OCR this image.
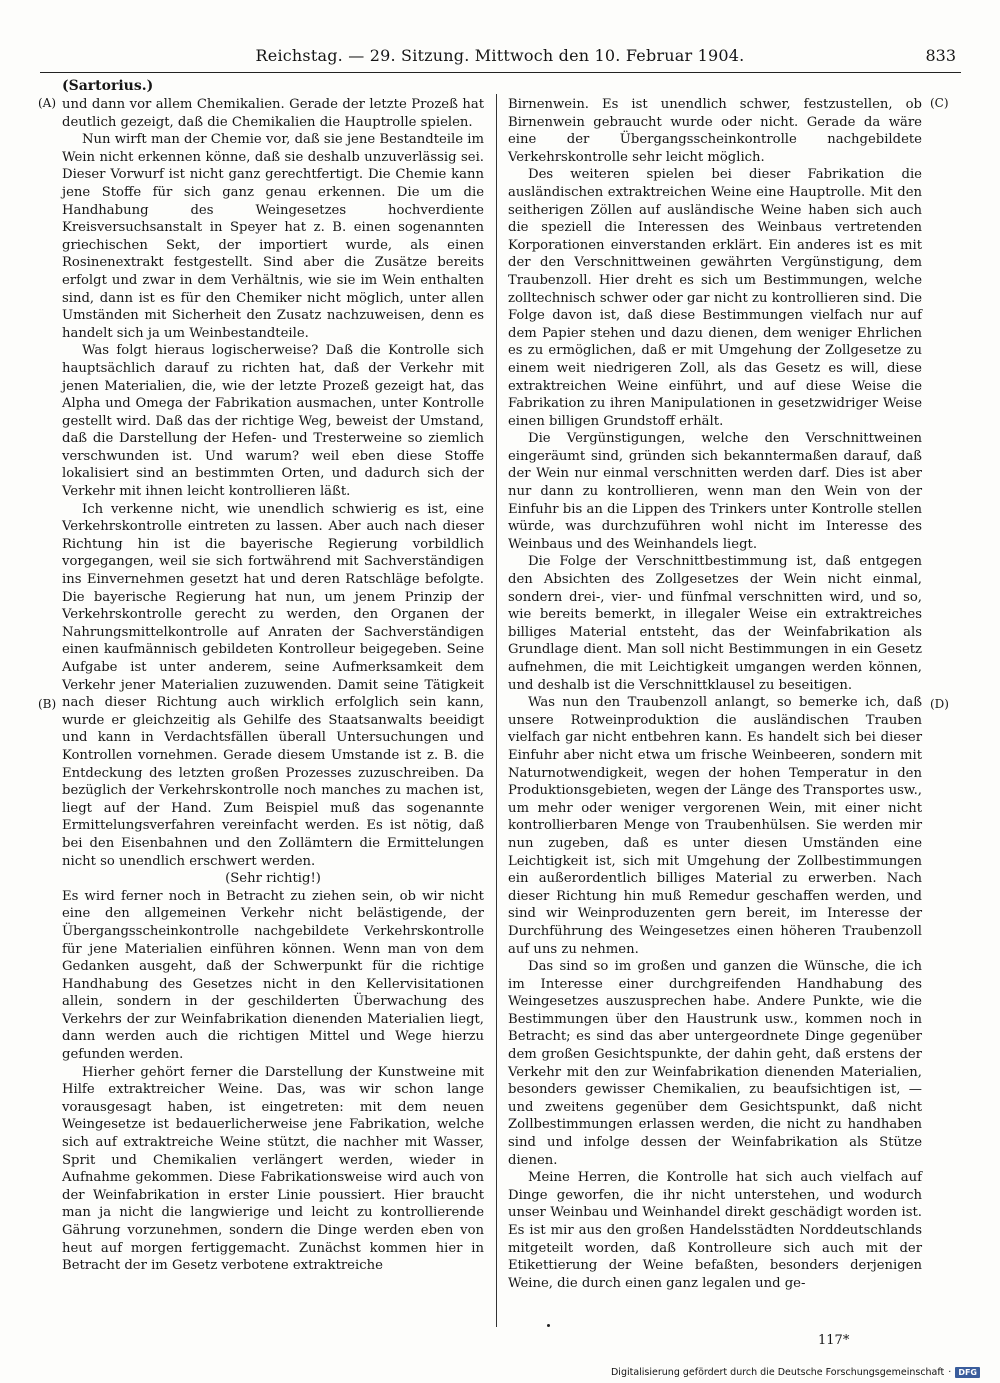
Reichstag. — 29. Sitzung. Mittwoch den 10. Februar 1904.	833
(Sartorius.)
(A)
(B)
(C)
(D)

und dann vor allem Chemikalien. Gerade der letzte Prozeß hat deutlich gezeigt, daß die Chemikalien die Hauptrolle spielen.

Nun wirft man der Chemie vor, daß sie jene Bestandteile im Wein nicht erkennen könne, daß sie deshalb unzuverlässig sei. Dieser Vorwurf ist nicht ganz gerechtfertigt. Die Chemie kann jene Stoffe für sich ganz genau erkennen. Die um die Handhabung des Weingesetzes hochverdiente Kreisversuchsanstalt in Speyer hat z. B. einen sogenannten griechischen Sekt, der importiert wurde, als einen Rosinenextrakt festgestellt. Sind aber die Zusätze bereits erfolgt und zwar in dem Verhältnis, wie sie im Wein enthalten sind, dann ist es für den Chemiker nicht möglich, unter allen Umständen mit Sicherheit den Zusatz nachzuweisen, denn es handelt sich ja um Weinbestandteile.

Was folgt hieraus logischerweise? Daß die Kontrolle sich hauptsächlich darauf zu richten hat, daß der Verkehr mit jenen Materialien, die, wie der letzte Prozeß gezeigt hat, das Alpha und Omega der Fabrikation ausmachen, unter Kontrolle gestellt wird. Daß das der richtige Weg, beweist der Umstand, daß die Darstellung der Hefen- und Tresterweine so ziemlich verschwunden ist. Und warum? weil eben diese Stoffe lokalisiert sind an bestimmten Orten, und dadurch sich der Verkehr mit ihnen leicht kontrollieren läßt.

Ich verkenne nicht, wie unendlich schwierig es ist, eine Verkehrskontrolle eintreten zu lassen. Aber auch nach dieser Richtung hin ist die bayerische Regierung vorbildlich vorgegangen, weil sie sich fortwährend mit Sachverständigen ins Einvernehmen gesetzt hat und deren Ratschläge befolgte. Die bayerische Regierung hat nun, um jenem Prinzip der Verkehrskontrolle gerecht zu werden, den Organen der Nahrungsmittelkontrolle auf Anraten der Sachverständigen einen kaufmännisch gebildeten Kontrolleur beigegeben. Seine Aufgabe ist unter anderem, seine Aufmerksamkeit dem Verkehr jener Materialien zuzuwenden. Damit seine Tätigkeit nach dieser Richtung auch wirklich erfolglich sein kann, wurde er gleichzeitig als Gehilfe des Staatsanwalts beeidigt und kann in Verdachtsfällen überall Untersuchungen und Kontrollen vornehmen. Gerade diesem Umstande ist z. B. die Entdeckung des letzten großen Prozesses zuzuschreiben. Da bezüglich der Verkehrskontrolle noch manches zu machen ist, liegt auf der Hand. Zum Beispiel muß das sogenannte Ermittelungsverfahren vereinfacht werden. Es ist nötig, daß bei den Eisenbahnen und den Zollämtern die Ermittelungen nicht so unendlich erschwert werden.

(Sehr richtig!)

Es wird ferner noch in Betracht zu ziehen sein, ob wir nicht eine den allgemeinen Verkehr nicht belästigende, der Übergangsscheinkontrolle nachgebildete Verkehrskontrolle für jene Materialien einführen können. Wenn man von dem Gedanken ausgeht, daß der Schwerpunkt für die richtige Handhabung des Gesetzes nicht in den Kellervisitationen allein, sondern in der geschilderten Überwachung des Verkehrs der zur Weinfabrikation dienenden Materialien liegt, dann werden auch die richtigen Mittel und Wege hierzu gefunden werden.

Hierher gehört ferner die Darstellung der Kunstweine mit Hilfe extraktreicher Weine. Das, was wir schon lange vorausgesagt haben, ist eingetreten: mit dem neuen Weingesetze ist bedauerlicherweise jene Fabrikation, welche sich auf extraktreiche Weine stützt, die nachher mit Wasser, Sprit und Chemikalien verlängert werden, wieder in Aufnahme gekommen. Diese Fabrikationsweise wird auch von der Weinfabrikation in erster Linie poussiert. Hier braucht man ja nicht die langwierige und leicht zu kontrollierende Gährung vorzunehmen, sondern die Dinge werden eben von heut auf morgen fertiggemacht. Zunächst kommen hier in Betracht der im Gesetz verbotene extraktreiche

Birnenwein. Es ist unendlich schwer, festzustellen, ob Birnenwein gebraucht wurde oder nicht. Gerade da wäre eine der Übergangsscheinkontrolle nachgebildete Verkehrskontrolle sehr leicht möglich.

Des weiteren spielen bei dieser Fabrikation die ausländischen extraktreichen Weine eine Hauptrolle. Mit den seitherigen Zöllen auf ausländische Weine haben sich auch die speziell die Interessen des Weinbaus vertretenden Korporationen einverstanden erklärt. Ein anderes ist es mit der den Verschnittweinen gewährten Vergünstigung, dem Traubenzoll. Hier dreht es sich um Bestimmungen, welche zolltechnisch schwer oder gar nicht zu kontrollieren sind. Die Folge davon ist, daß diese Bestimmungen vielfach nur auf dem Papier stehen und dazu dienen, dem weniger Ehrlichen es zu ermöglichen, daß er mit Umgehung der Zollgesetze zu einem weit niedrigeren Zoll, als das Gesetz es will, diese extraktreichen Weine einführt, und auf diese Weise die Fabrikation zu ihren Manipulationen in gesetzwidriger Weise einen billigen Grundstoff erhält.

Die Vergünstigungen, welche den Verschnittweinen eingeräumt sind, gründen sich bekanntermaßen darauf, daß der Wein nur einmal verschnitten werden darf. Dies ist aber nur dann zu kontrollieren, wenn man den Wein von der Einfuhr bis an die Lippen des Trinkers unter Kontrolle stellen würde, was durchzuführen wohl nicht im Interesse des Weinbaus und des Weinhandels liegt.

Die Folge der Verschnittbestimmung ist, daß entgegen den Absichten des Zollgesetzes der Wein nicht einmal, sondern drei-, vier- und fünfmal verschnitten wird, und so, wie bereits bemerkt, in illegaler Weise ein extraktreiches billiges Material entsteht, das der Weinfabrikation als Grundlage dient. Man soll nicht Bestimmungen in ein Gesetz aufnehmen, die mit Leichtigkeit umgangen werden können, und deshalb ist die Verschnittklausel zu beseitigen.

Was nun den Traubenzoll anlangt, so bemerke ich, daß unsere Rotweinproduktion die ausländischen Trauben vielfach gar nicht entbehren kann. Es handelt sich bei dieser Einfuhr aber nicht etwa um frische Weinbeeren, sondern mit Naturnotwendigkeit, wegen der hohen Temperatur in den Produktionsgebieten, wegen der Länge des Transportes usw., um mehr oder weniger vergorenen Wein, mit einer nicht kontrollierbaren Menge von Traubenhülsen. Sie werden mir nun zugeben, daß es unter diesen Umständen eine Leichtigkeit ist, sich mit Umgehung der Zollbestimmungen ein außerordentlich billiges Material zu erwerben. Nach dieser Richtung hin muß Remedur geschaffen werden, und sind wir Weinproduzenten gern bereit, im Interesse der Durchführung des Weingesetzes einen höheren Traubenzoll auf uns zu nehmen.

Das sind so im großen und ganzen die Wünsche, die ich im Interesse einer durchgreifenden Handhabung des Weingesetzes auszusprechen habe. Andere Punkte, wie die Bestimmungen über den Haustrunk usw., kommen noch in Betracht; es sind das aber untergeordnete Dinge gegenüber dem großen Gesichtspunkte, der dahin geht, daß erstens der Verkehr mit den zur Weinfabrikation dienenden Materialien, besonders gewisser Chemikalien, zu beaufsichtigen ist, — und zweitens gegenüber dem Gesichtspunkt, daß nicht Zollbestimmungen erlassen werden, die nicht zu handhaben sind und infolge dessen der Weinfabrikation als Stütze dienen.

Meine Herren, die Kontrolle hat sich auch vielfach auf Dinge geworfen, die ihr nicht unterstehen, und wodurch unser Weinbau und Weinhandel direkt geschädigt worden ist. Es ist mir aus den großen Handelsstädten Norddeutschlands mitgeteilt worden, daß Kontrolleure sich auch mit der Etikettierung der Weine befaßten, besonders derjenigen Weine, die durch einen ganz legalen und ge-

117*
Digitalisierung gefördert durch die Deutsche Forschungsgemeinschaft · DFG
